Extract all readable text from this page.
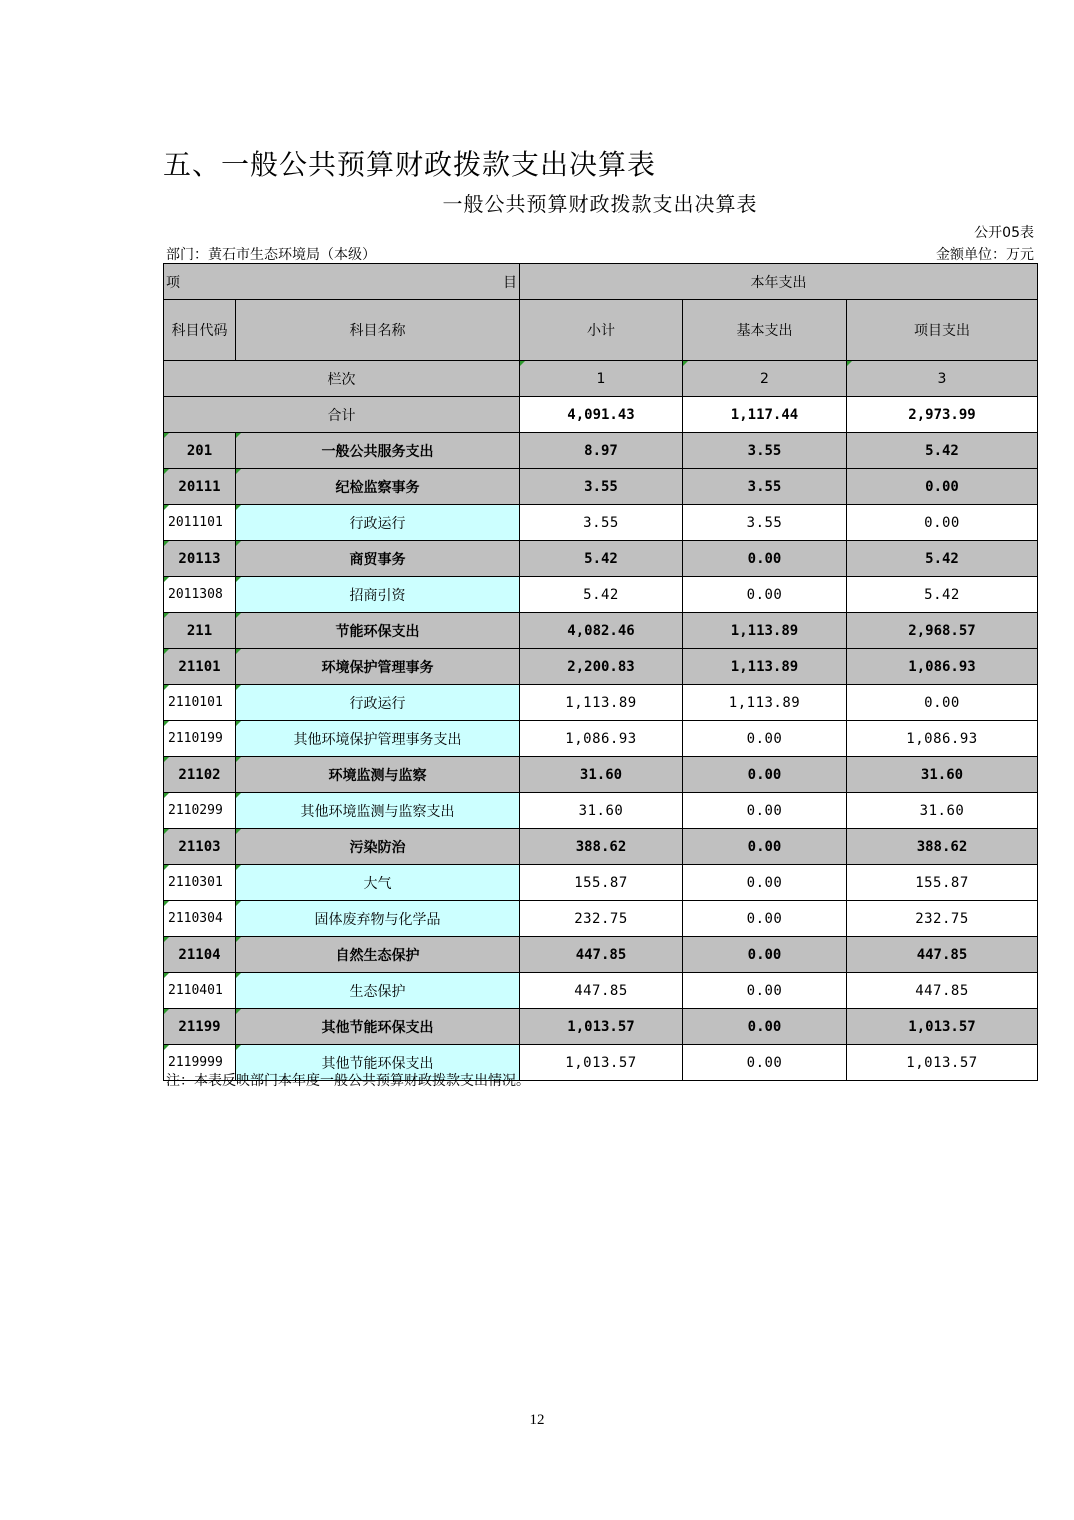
五、一般公共预算财政拨款支出决算表
一般公共预算财政拨款支出决算表
公开05表
部门：黄石市生态环境局（本级）	金额单位：万元
项 目		本年支出		
科目代码	科目名称	小计	基本支出	项目支出
栏次		1	2	3
合计		4,091.43	1,117.44	2,973.99
201	一般公共服务支出	8.97	3.55	5.42
20111	纪检监察事务	3.55	3.55	0.00
2011101	行政运行	3.55	3.55	0.00
20113	商贸事务	5.42	0.00	5.42
2011308	招商引资	5.42	0.00	5.42
211	节能环保支出	4,082.46	1,113.89	2,968.57
21101	环境保护管理事务	2,200.83	1,113.89	1,086.93
2110101	行政运行	1,113.89	1,113.89	0.00
2110199	其他环境保护管理事务支出	1,086.93	0.00	1,086.93
21102	环境监测与监察	31.60	0.00	31.60
2110299	其他环境监测与监察支出	31.60	0.00	31.60
21103	污染防治	388.62	0.00	388.62
2110301	大气	155.87	0.00	155.87
2110304	固体废弃物与化学品	232.75	0.00	232.75
21104	自然生态保护	447.85	0.00	447.85
2110401	生态保护	447.85	0.00	447.85
21199	其他节能环保支出	1,013.57	0.00	1,013.57
2119999	其他节能环保支出	1,013.57	0.00	1,013.57
注：本表反映部门本年度一般公共预算财政拨款支出情况。
12
